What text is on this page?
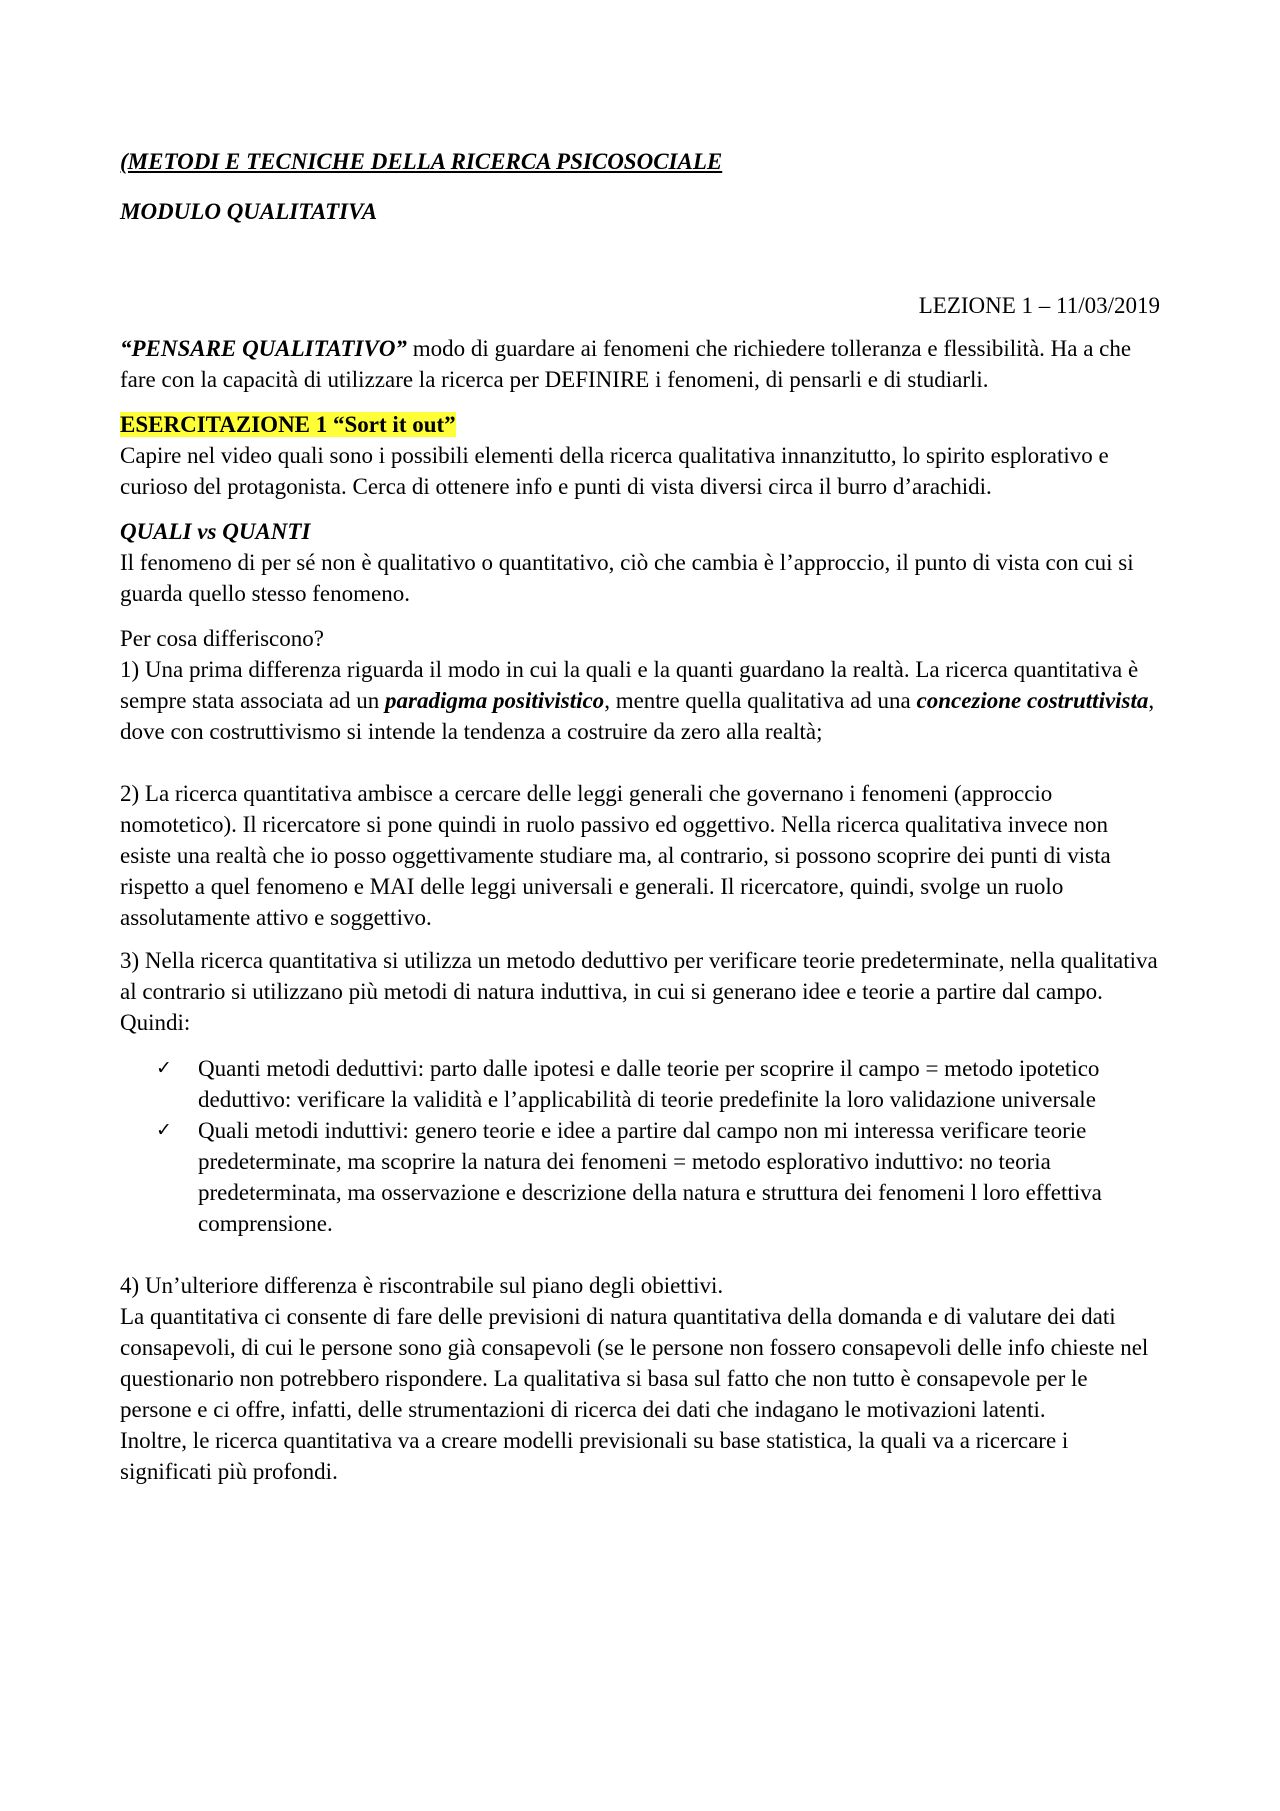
(METODI E TECNICHE DELLA RICERCA PSICOSOCIALE

MODULO QUALITATIVA

LEZIONE 1 – 11/03/2019

“PENSARE QUALITATIVO” modo di guardare ai fenomeni che richiedere tolleranza e flessibilità. Ha a che fare con la capacità di utilizzare la ricerca per DEFINIRE i fenomeni, di pensarli e di studiarli.

ESERCITAZIONE 1 “Sort it out”

Capire nel video quali sono i possibili elementi della ricerca qualitativa innanzitutto, lo spirito esplorativo e curioso del protagonista. Cerca di ottenere info e punti di vista diversi circa il burro d’arachidi.

QUALI vs QUANTI

Il fenomeno di per sé non è qualitativo o quantitativo, ciò che cambia è l’approccio, il punto di vista con cui si guarda quello stesso fenomeno.

Per cosa differiscono?

1) Una prima differenza riguarda il modo in cui la quali e la quanti guardano la realtà. La ricerca quantitativa è sempre stata associata ad un paradigma positivistico, mentre quella qualitativa ad una concezione costruttivista, dove con costruttivismo si intende la tendenza a costruire da zero alla realtà;

2) La ricerca quantitativa ambisce a cercare delle leggi generali che governano i fenomeni (approccio nomotetico). Il ricercatore si pone quindi in ruolo passivo ed oggettivo. Nella ricerca qualitativa invece non esiste una realtà che io posso oggettivamente studiare ma, al contrario, si possono scoprire dei punti di vista rispetto a quel fenomeno e MAI delle leggi universali e generali. Il ricercatore, quindi, svolge un ruolo assolutamente attivo e soggettivo.

3) Nella ricerca quantitativa si utilizza un metodo deduttivo per verificare teorie predeterminate, nella qualitativa al contrario si utilizzano più metodi di natura induttiva, in cui si generano idee e teorie a partire dal campo. Quindi:

✓ Quanti metodi deduttivi: parto dalle ipotesi e dalle teorie per scoprire il campo = metodo ipotetico deduttivo: verificare la validità e l’applicabilità di teorie predefinite la loro validazione universale
✓ Quali metodi induttivi: genero teorie e idee a partire dal campo non mi interessa verificare teorie predeterminate, ma scoprire la natura dei fenomeni = metodo esplorativo induttivo: no teoria predeterminata, ma osservazione e descrizione della natura e struttura dei fenomeni l loro effettiva comprensione.

4) Un’ulteriore differenza è riscontrabile sul piano degli obiettivi.

La quantitativa ci consente di fare delle previsioni di natura quantitativa della domanda e di valutare dei dati consapevoli, di cui le persone sono già consapevoli (se le persone non fossero consapevoli delle info chieste nel questionario non potrebbero rispondere. La qualitativa si basa sul fatto che non tutto è consapevole per le persone e ci offre, infatti, delle strumentazioni di ricerca dei dati che indagano le motivazioni latenti.

Inoltre, le ricerca quantitativa va a creare modelli previsionali su base statistica, la quali va a ricercare i significati più profondi.
